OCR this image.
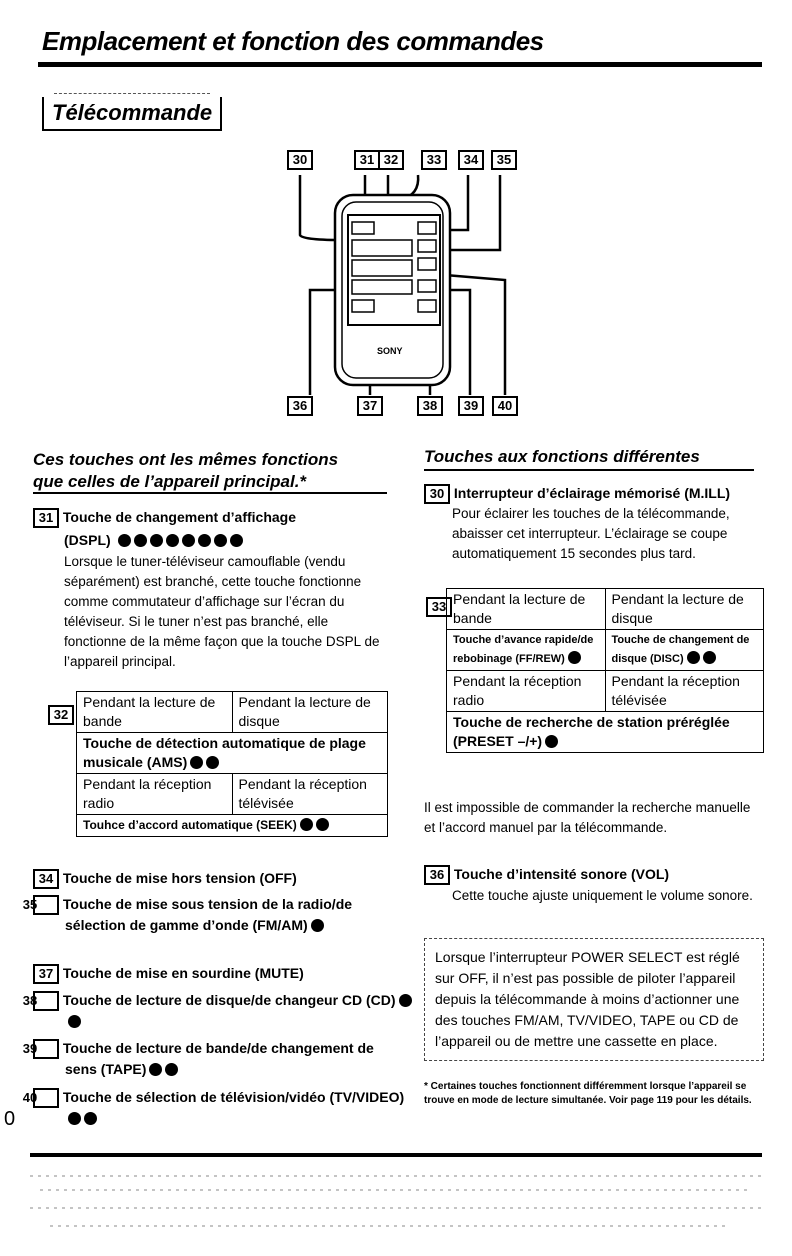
Emplacement et fonction des commandes
Télécommande
SONY
30	31 32	33	34	35
36	37	38	39	40
Ces touches ont les mêmes fonctions
que celles de l’appareil principal.*
31 Touche de changement d’affichage
(DSPL)
Lorsque le tuner-téléviseur camouflable (vendu séparément) est branché, cette touche fonctionne comme commutateur d’affichage sur l’écran du téléviseur. Si le tuner n’est pas branché, elle fonctionne de la même façon que la touche DSPL de l’appareil principal.
32
Pendant la lecture de bande	Pendant la lecture de disque
Touche de détection automatique de plage musicale (AMS)	
Pendant la réception radio	Pendant la réception télévisée
Touhce d’accord automatique (SEEK)	
34 Touche de mise hors tension (OFF)
35 Touche de mise sous tension de la radio/de sélection de gamme d’onde (FM/AM)
37 Touche de mise en sourdine (MUTE)
38 Touche de lecture de disque/de changeur CD (CD)
39 Touche de lecture de bande/de changement de sens (TAPE)
40 Touche de sélection de télévision/vidéo (TV/VIDEO)
0
Touches aux fonctions différentes
30 Interrupteur d’éclairage mémorisé (M.ILL)
Pour éclairer les touches de la télécommande, abaisser cet interrupteur. L’éclairage se coupe automatiquement 15 secondes plus tard.
33 Pendant la lecture de bande	Pendant la lecture de disque
Touche d’avance rapide/de rebobinage (FF/REW)	Touche de changement de disque (DISC)
Pendant la réception radio	Pendant la réception télévisée
Touche de recherche de station préréglée (PRESET –/+)	
Il est impossible de commander la recherche manuelle et l’accord manuel par la télécommande.
36 Touche d’intensité sonore (VOL)
Cette touche ajuste uniquement le volume sonore.
Lorsque l’interrupteur POWER SELECT est réglé sur OFF, il n’est pas possible de piloter l’appareil depuis la télécommande à moins d’actionner une des touches FM/AM, TV/VIDEO, TAPE ou CD de l’appareil ou de mettre une cassette en place.
* Certaines touches fonctionnent différemment lorsque l’appareil se trouve en mode de lecture simultanée. Voir page 119 pour les détails.
